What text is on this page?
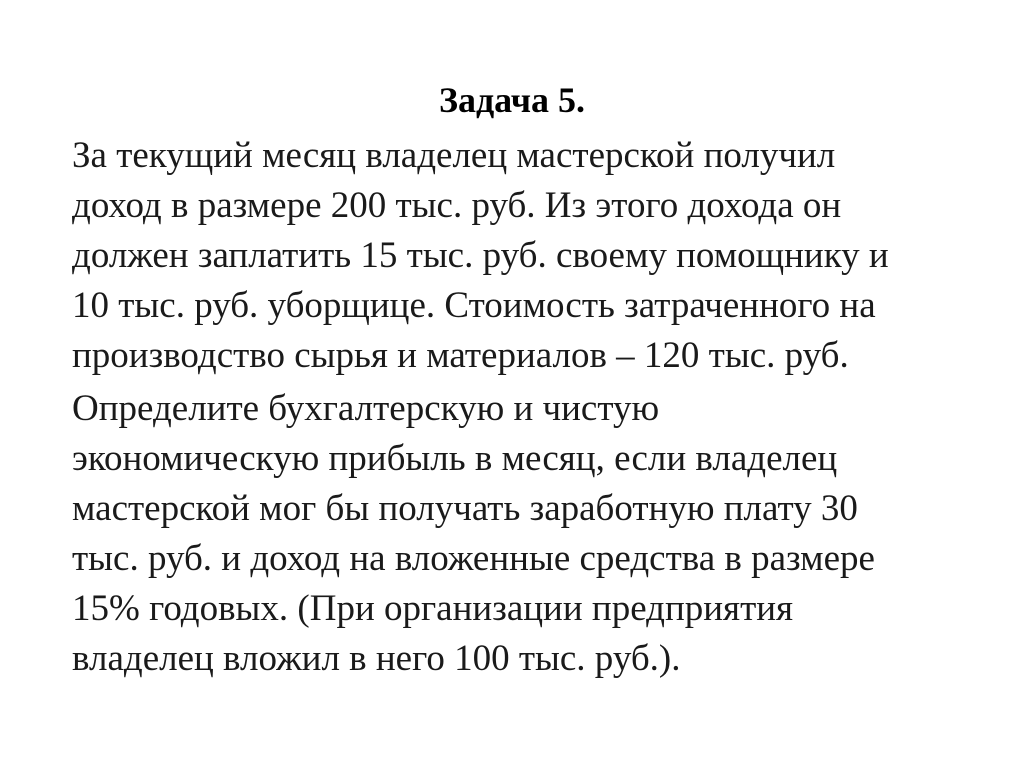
Задача 5.
За текущий месяц владелец мастерской получил
доход в размере 200 тыс. руб. Из этого дохода он
должен заплатить 15 тыс. руб. своему помощнику и
10 тыс. руб. уборщице. Стоимость затраченного на
производство сырья и материалов – 120 тыс. руб.
Определите бухгалтерскую и чистую
экономическую прибыль в месяц, если владелец
мастерской мог бы получать заработную плату 30
тыс. руб. и доход на вложенные средства в размере
15% годовых. (При организации предприятия
владелец вложил в него 100 тыс. руб.).
